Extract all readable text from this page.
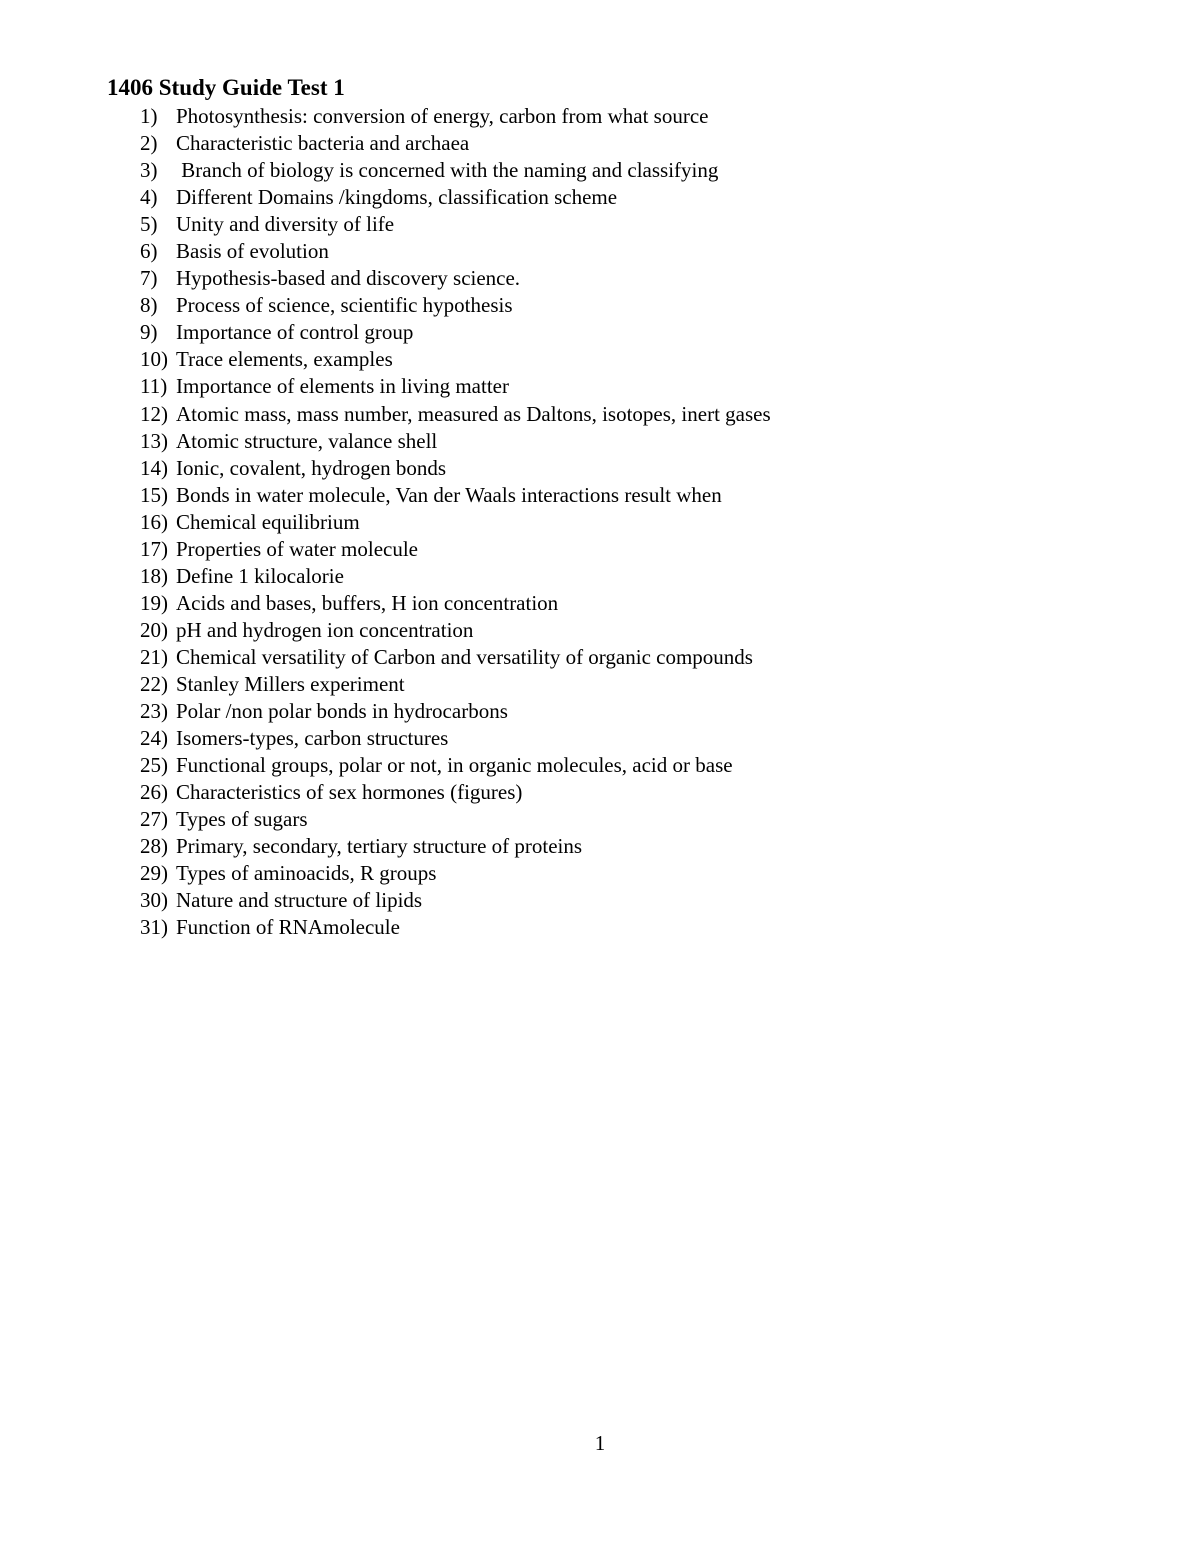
1406 Study Guide Test 1
1) Photosynthesis: conversion of energy, carbon from what source
2) Characteristic bacteria and archaea
3) Branch of biology is concerned with the naming and classifying
4) Different Domains /kingdoms, classification scheme
5) Unity and diversity of life
6) Basis of evolution
7) Hypothesis-based and discovery science.
8) Process of science, scientific hypothesis
9) Importance of control group
10) Trace elements, examples
11) Importance of elements in living matter
12) Atomic mass, mass number, measured as Daltons, isotopes, inert gases
13) Atomic structure, valance shell
14) Ionic, covalent, hydrogen bonds
15) Bonds in water molecule, Van der Waals interactions result when
16) Chemical equilibrium
17) Properties of water molecule
18) Define 1 kilocalorie
19) Acids and bases, buffers, H ion concentration
20) pH and hydrogen ion concentration
21) Chemical versatility of Carbon and versatility of organic compounds
22) Stanley Millers experiment
23) Polar /non polar bonds in hydrocarbons
24) Isomers-types, carbon structures
25) Functional groups, polar or not, in organic molecules, acid or base
26) Characteristics of sex hormones (figures)
27) Types of sugars
28) Primary, secondary, tertiary structure of proteins
29) Types of aminoacids, R groups
30) Nature and structure of lipids
31) Function of RNAmolecule
1
